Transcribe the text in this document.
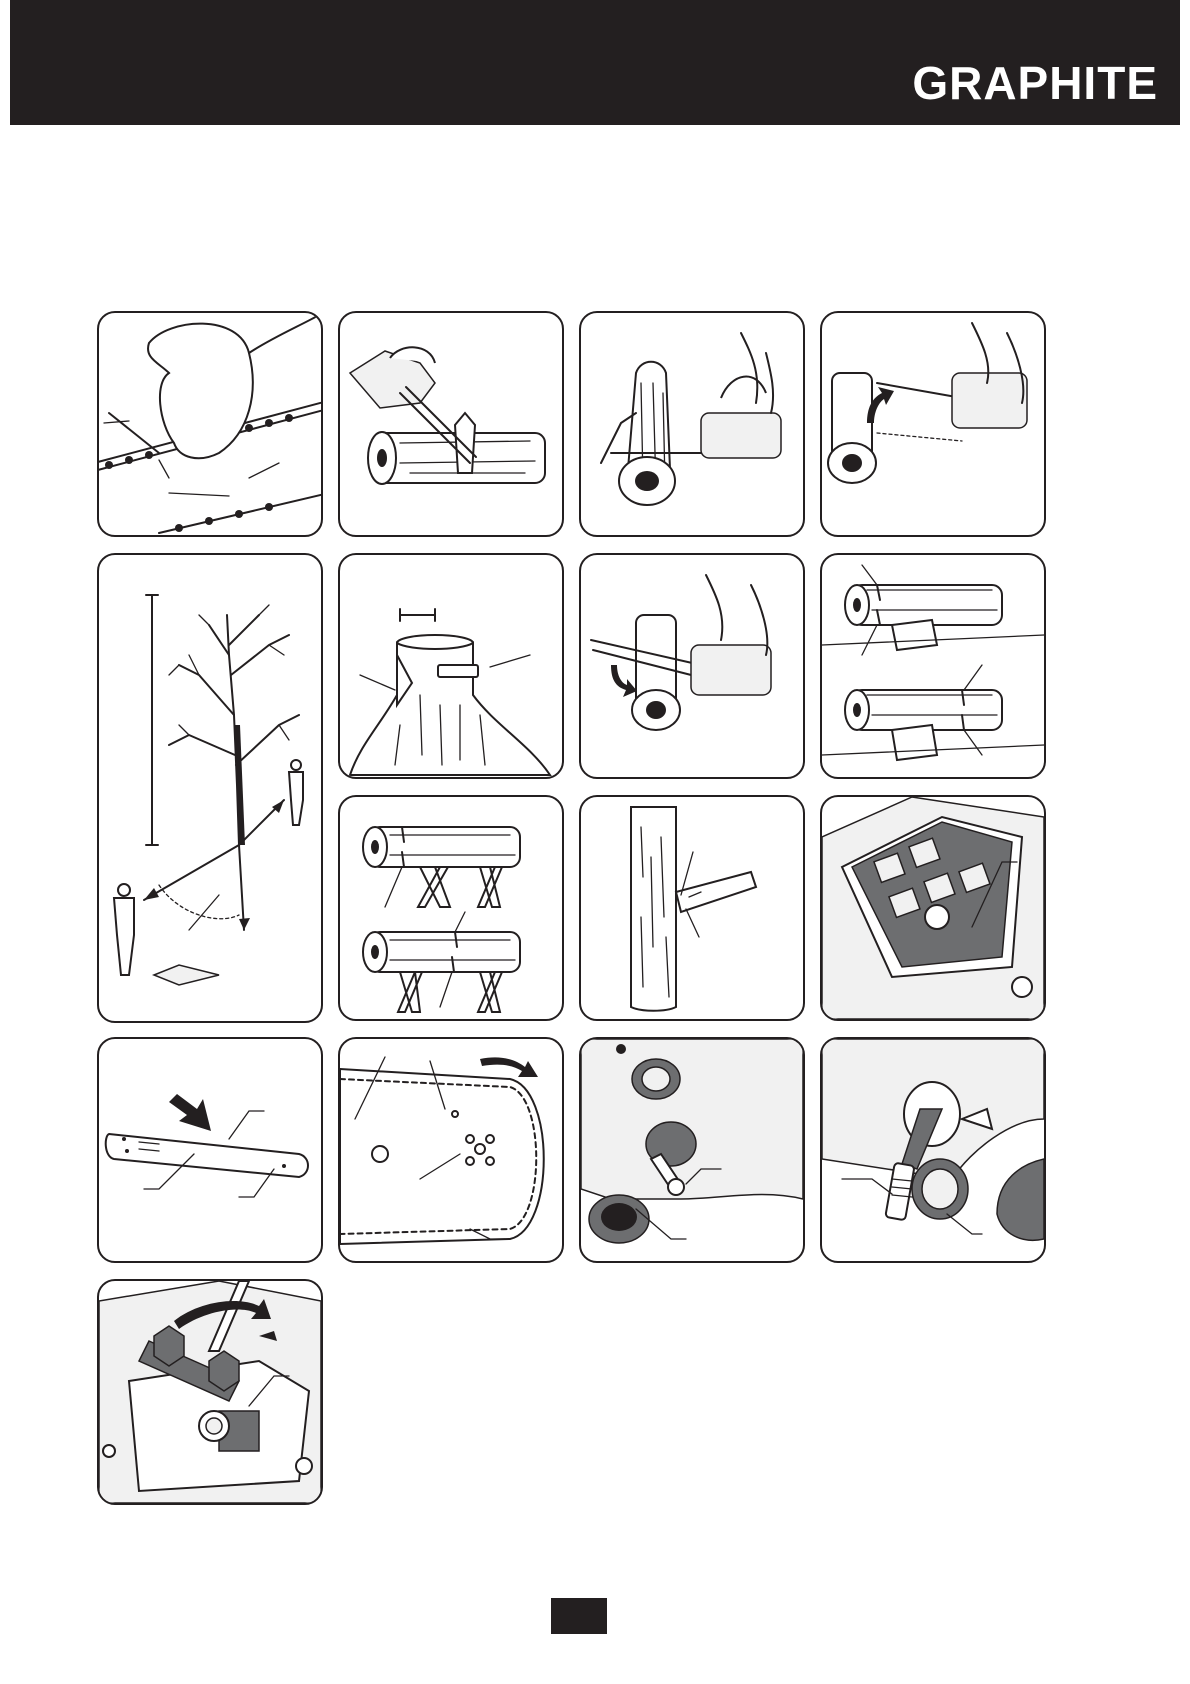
GRAPHITE
